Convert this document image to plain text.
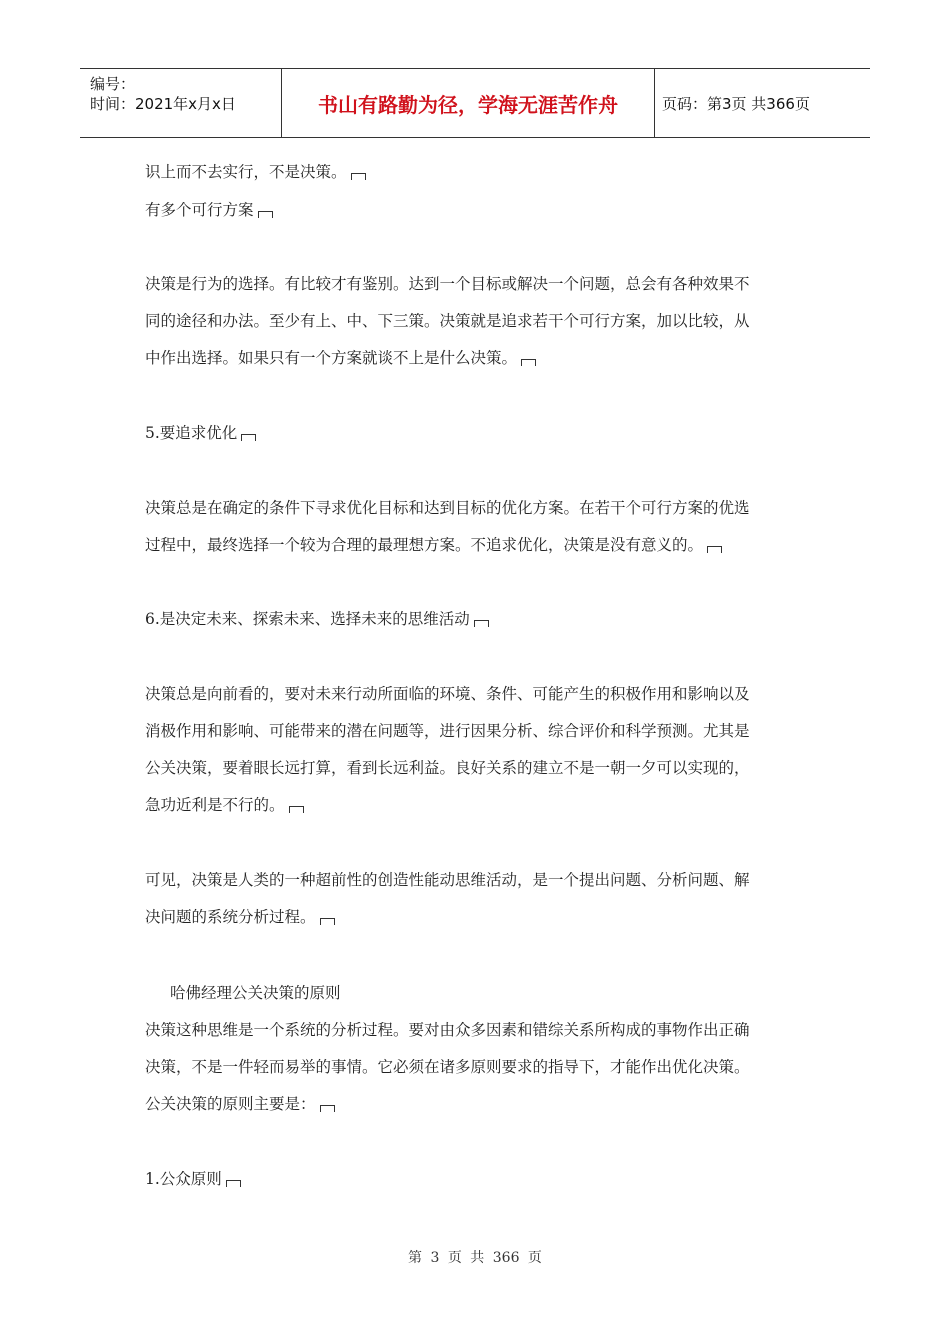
编号：
时间：2021年x月x日	书山有路勤为径，学海无涯苦作舟	页码：第3页 共366页
识上而不去实行，不是决策。
有多个可行方案
决策是行为的选择。有比较才有鉴别。达到一个目标或解决一个问题，总会有各种效果不
同的途径和办法。至少有上、中、下三策。决策就是追求若干个可行方案，加以比较，从
中作出选择。如果只有一个方案就谈不上是什么决策。
5.要追求优化
决策总是在确定的条件下寻求优化目标和达到目标的优化方案。在若干个可行方案的优选
过程中，最终选择一个较为合理的最理想方案。不追求优化，决策是没有意义的。
6.是决定未来、探索未来、选择未来的思维活动
决策总是向前看的，要对未来行动所面临的环境、条件、可能产生的积极作用和影响以及
消极作用和影响、可能带来的潜在问题等，进行因果分析、综合评价和科学预测。尤其是
公关决策，要着眼长远打算，看到长远利益。良好关系的建立不是一朝一夕可以实现的，
急功近利是不行的。
可见，决策是人类的一种超前性的创造性能动思维活动，是一个提出问题、分析问题、解
决问题的系统分析过程。
哈佛经理公关决策的原则
决策这种思维是一个系统的分析过程。要对由众多因素和错综关系所构成的事物作出正确
决策，不是一件轻而易举的事情。它必须在诸多原则要求的指导下，才能作出优化决策。
公关决策的原则主要是：
1.公众原则
第 3 页 共 366 页
